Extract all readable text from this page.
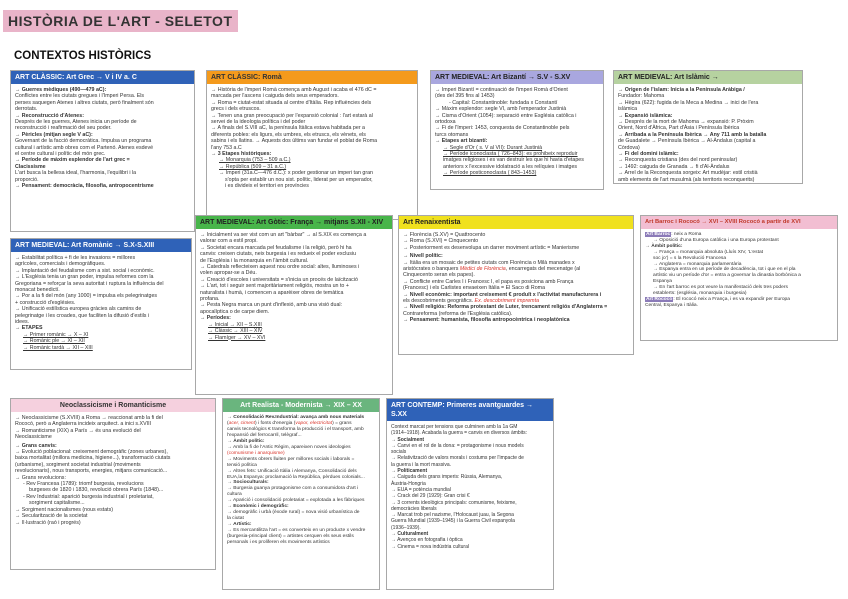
HISTÒRIA DE L'ART - SELETOT
CONTEXTOS HISTÒRICS
ART CLÀSSIC: Art Grec → V i IV a. C

→ Guerres mèdiques (490—479 aC):

Conflictes entre les ciutats gregues i l'Imperi Persa. Els

perses saquegen Atenes i altres ciutats, però finalment són

derrotats.

→ Reconstrucció d'Atenes:

Després de les guerres, Atenes inicia un període de

reconstrucció i reafirmació del seu poder.

→ Pèricles (mitjan segle V aC):

Governant de la facció democràtica. Impulsa un programa

cultural i artístic amb obres com el Partenó. Atenes esdevé

el centre cultural i polític del món grec.

→ Període de màxim esplendor de l'art grec =

Clacissisme

L'art busca la bellesa ideal, l'harmonia, l'equilibri i la

proporció.

→ Pensament: democràcia, filosofia, antropocentrisme

ART CLÀSSIC: Romà

→ Història de l'imperi Romà comença amb August i acaba el 476 dC =

marcada per l'ascens i caiguda dels seus emperadors.

→ Roma = ciutat-estat situada al centre d'Itàlia. Rep influències dels

grecs i dels etruscos.

→ Tenen una gran preocupació per l'expansió colonial : l'art estarà al

servei de la ideologia política i del poder

→ A finals del S.VIII aC, la península Itàlica estava habitada per a

diferents pobles: els ligurs, els umbres, els etruscs, els vènets, els

sabins i els llatins. → Aquests dos últims van fundar el poblat de Roma

l'any 753 a.C

→ 3 Etapes històriques:

→ Monarquia (753 – 509 a.C.)

→ República (509 – 31 a.C.)

→ Imperi (31a.C—476 d.C.): x poder gestionar un imperi tan gran

s'opta per establir un nou sist. polític, liderat per un emperador,

i es divideix el territori en províncies

ART MEDIEVAL: Art Bizantí → S.V - S.XV

→ Imperi Bizantí = continuació de l'imperi Romà d'Orient

(des del 395 fins al 1453)

- Capital: Constantinoble: fundada x Constantí

→ Màxim esplendor: segle VI, amb l'emperador Justinià

→ Cisma d'Orient (1054): separació entre Església catòlica i

ortodoxa

→ Fi de l'Imperi: 1453, conquesta de Constantinoble pels

turcs otomans

→ Etapes art bizantí:

→ Segle d'Or ( s. V al VII): Durant Justinià

→ Període iconoclasta ( 726–843): es prohibeix reproduir

imatges religioses i es van destruir les que hi havia d'etapes

anteriors x l'excessive idolatració a les relíquies i imatges

→ Període posticonoclasta ( 843–1453)

ART MEDIEVAL: Art Islàmic →

→ Origen de l'islam: Inicia a la Península Aràbiga /

Fundador: Mahoma

→ Hègira (622): fugida de la Meca a Medina → inici de l'era

islàmica

→ Expansió islàmica:

→ Després de la mort de Mahoma → expansió: P. Pròxim

Orient, Nord d'Àfrica, Part d'Àsia i Península Ibèrica

→ Arribada a la Península Ibèrica → Any 711 amb la batalla

de Guadalete → Península Ibèrica → Al-Àndalus (capital a

Còrdova)

→ Fi del domini islàmic:

→ Reconquesta cristiana (des del nord peninsular)

→ 1492: caiguda de Granada → fi d'Al-Àndalus

→ Arrel de la Reconquesta sorgeix: Art mudèjar: estil cristià

amb elements de l'art musulmà (als territoris reconquerits)

ART MEDIEVAL: Art Romànic → S.X-S.XIII

→ Estabilitat política + fi de les invasions = millores

agrícoles, comercials i demogràfiques.

→ Implantació del feudalisme com a sist. social i econòmic.

→ L'Església tenia un gran poder, impulsa reformes com la

Gregoriana = reforçar la seva autoritat i ruptura la influència del

monacat benedictí.

→ Por a la fi del món (any 1000) = impulsa els pelegrinatges

+ construcció d'esglésies.

→ Unificació estilística europea gràcies als camins de

pelegrinatge i les croades, que faciliten la difusió d'estils i

idees.

→ ETAPES

→ Primer romànic → X – XI

→ Romànic ple → XI – XII

→ Romànic tardà → XII – XIII

ART MEDIEVAL: Art Gòtic: França → mitjans S.XII - XIV

→ Inicialment va ser vist com un art "bàrbar" → al S.XIX es comença a

valorar com a estil propi.

→ Societat encara marcada pel feudalisme i la religió, però hi ha

canvis: creixen ciutats, neix burgesia i es redueix el poder exclusiu

de l'Església i la monarquia en l'àmbit cultural.

→ Catedrals reflecteixen aquest nou ordre social: altes, lluminoses i

volen apropar-se a Déu.

→ Creació d'escoles i universitats = s'inicia un procés de laïcització

→ L'art, tot i seguir sent majoritàriament religiós, mostra un to +

naturalista i humà, i comencen a aparèixer obres de temàtica

profana.

→ Pesta Negra marca un punt d'inflexió, amb una visió dual:

apocalíptica o de carpe diem.

→ Períodes:

→ Inicial → XII – S.XIII

→ Clàssic → XIII – XIV

→ Flamíger → XV – XVI

Art Renaixentista

→ Florència (S.XV) = Quattrocento

→ Roma (S.XVI) = Cinquecento

→ Posteriorment es desenvolupa un darrer moviment artístic = Manierisme

→ Nivell polític:

→ Itàlia era un mosaic de petites ciutats com Florència o Milà manades x

aristòcrates o banquers Mèdici de Florència, encarregats del mecenatge (al

Cinquecento seran els papes).

→ Conflicte entre Carles I i Francesc I, el papa es posiciona amb França

(Francesc) i els Carlistes envaeixen Itàlia = El Saco di Roma

→ Nivell econòmic: important creixement € produït x l'activitat manufacturera i

els descobriments geogràfics. Ex. descobriment impremta

→ Nivell religiós: Reforma protestant de Luter, trencament religiós d'Anglaterra =

Contrareforma (reforma de l'Església catòlica).

→ Pensament: humanista, filosofia antropocèntrica i neoplatònica

Art Barroc i Rococó → XVI – XVIII Rococó a partir de XVI

Art Barroc: neix a Roma

→ Oposició d'una Europa catòlica i una Europa protestant

→ Àmbit polític:

→ França = monarquia absoluta (Lluís XIV, 'L'estat

soc jo') = s la Revolució Francesa

→ Anglaterra = monarquia parlamentària

→ Espanya entra en un període de decadència, tot i que en el pla

artístic viu un període d'or = entra a governar la dinastia borbònica a

Espanya

→ En l'art barroc es pot veure la manifestació dels tres poders

establerts: (església, monarquia i burgesia)

Art Rococó: El rococó neix a França, i es va expandir per Europa

Central, Espanya i Itàlia.

Neoclassicisme i Romanticisme

→ Neoclassicisme (S.XVIII) a Roma → reaccionat amb la fi del

Rococó, però a Anglaterra incideix arquitect. a inici s.XVIII

→ Romanticisme (XIX) a París → és una evolució del

Neoclassicisme

→ Grans canvis:

→ Evolució poblacional: creixement demogràfic (zones urbanes),

baixa mortalitat (millora medicina, higiene...), transformació ciutats

(urbanisme), sorgiment societat industrial (moviments

revolucionaris), nous transports, energies, mitjans comunicació...

→ Grans revolucions:

- Rev Francesa (1789): triomf burgesia, revolucions

burgeses de 1820 i 1830, revolució obrera París (1848)...

- Rev Industrial: aparició burgesia industrial i proletariat,

sorgiment capitalisme...

→ Sorgiment nacionalismes (nous estats)

→ Secularització de la societat

→ Il·lustració (raó i progrés)

Art Realista - Modernista → XIX – XX

→ Consolidació Rev.Industrial: avança amb nous materials

(acer, ciment) i fonts d'energia (vapor, electricitat) = grans

canvis tecnològics € transforma la producció i el transport, amb

l'expansió del ferrocarril, telègraf...

→ Àmbit polític:

→ Amb la fi de l'Antic Règim, apareixen noves ideologies

(comunisme i anarquisme)

→ Moviments obrers lluiten per millores socials i laborals =

tensió política

→ Altres fets: Unificació Itàlia i Alemanya, Consolidació dels

EUA,la Espanya: proclamació la República, pèrdues colonials...

→ Socioculturals:

→ Burgesia guanya protagonisme com a consumidora d'art i

cultura

→ Aparició i consolidació proletariat = explotada a les fàbriques

→ Econòmic i demogràfic:

→ demogràfic i urbà (èxode rural) = nova visió urbanística de

la ciutat

→ Artístic:

→ Es mercantilitza l'art = es converteix en un producte x vendre

(burgesia-principal client) = artistes cerquen els seus estils

personals i es proliferen els moviments artístics

ART CONTEMP: Primeres avantguardes → S.XX

Context marcat per tensions que culminen amb la 1a GM

(1914–1918). Acabada la guerra = canvis en diversos àmbits:

→ Socialment

→ Canvi en el rol de la dona: = protagonisme i nous models

socials

→ Relativització de valors morals i costums per l'impacte de

la guerra i la mort massiva.

→ Políticament

→ Caiguda dels grans imperis: Rússia, Alemanya,

Àustria-Hongria

→ EUA = potència mundial

→ Crack del 29 (1929): Gran crisi €

→ 3 corrents ideològics principals: comunisme, feixisme,

democràcies liberals

→ Marcat trob pel nazisme, l'Holocaust juau, la Segona

Guerra Mundial (1939–1945) i la Guerra Civil espanyola

(1936–1939).

→ Culturalment

→ Avenços en fotografia i òptica

→ Cinema = nova indústria cultural
